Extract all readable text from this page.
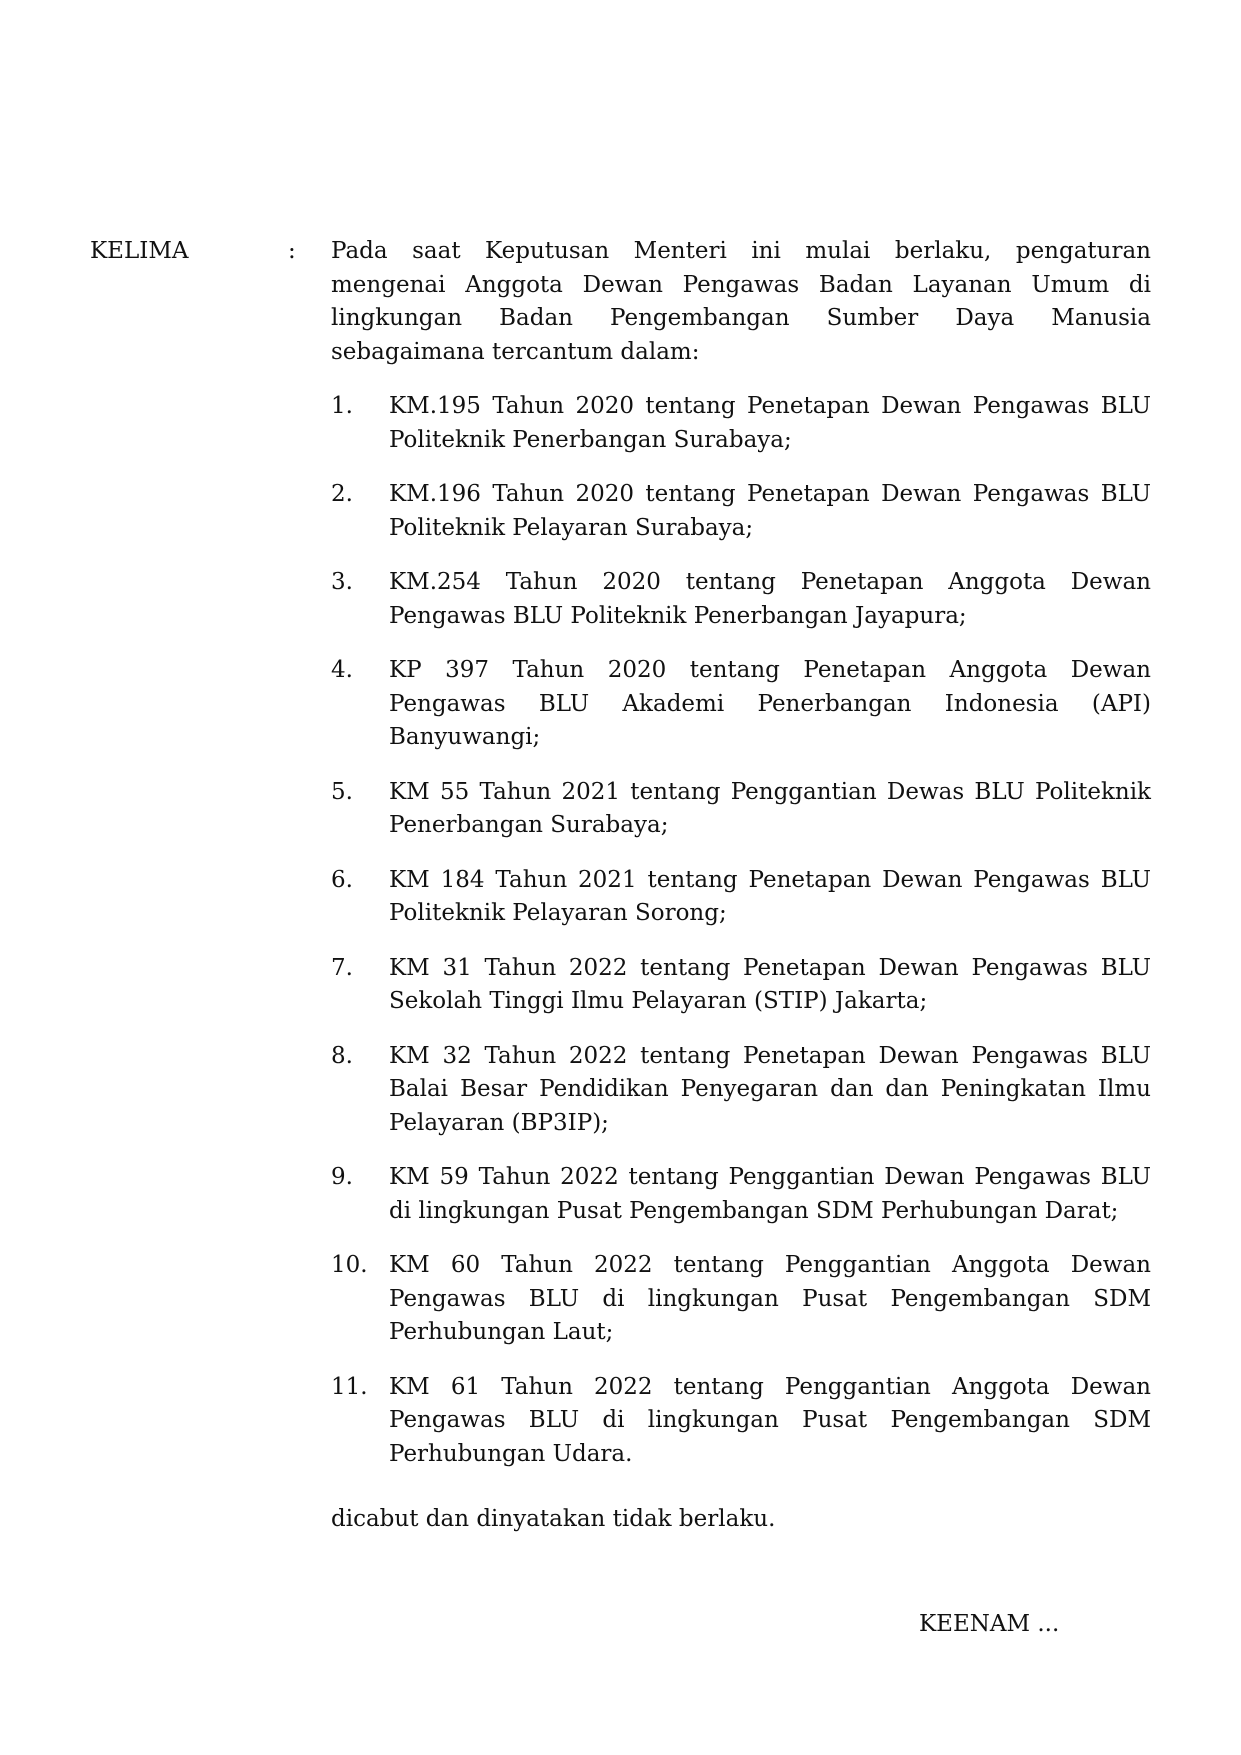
KELIMA	: Pada saat Keputusan Menteri ini mulai berlaku, pengaturan mengenai Anggota Dewan Pengawas Badan Layanan Umum di lingkungan Badan Pengembangan Sumber Daya Manusia sebagaimana tercantum dalam:

1. KM.195 Tahun 2020 tentang Penetapan Dewan Pengawas BLU Politeknik Penerbangan Surabaya;
2. KM.196 Tahun 2020 tentang Penetapan Dewan Pengawas BLU Politeknik Pelayaran Surabaya;
3. KM.254 Tahun 2020 tentang Penetapan Anggota Dewan Pengawas BLU Politeknik Penerbangan Jayapura;
4. KP 397 Tahun 2020 tentang Penetapan Anggota Dewan Pengawas BLU Akademi Penerbangan Indonesia (API) Banyuwangi;
5. KM 55 Tahun 2021 tentang Penggantian Dewas BLU Politeknik Penerbangan Surabaya;
6. KM 184 Tahun 2021 tentang Penetapan Dewan Pengawas BLU Politeknik Pelayaran Sorong;
7. KM 31 Tahun 2022 tentang Penetapan Dewan Pengawas BLU Sekolah Tinggi Ilmu Pelayaran (STIP) Jakarta;
8. KM 32 Tahun 2022 tentang Penetapan Dewan Pengawas BLU Balai Besar Pendidikan Penyegaran dan dan Peningkatan Ilmu Pelayaran (BP3IP);
9. KM 59 Tahun 2022 tentang Penggantian Dewan Pengawas BLU di lingkungan Pusat Pengembangan SDM Perhubungan Darat;
10. KM 60 Tahun 2022 tentang Penggantian Anggota Dewan Pengawas BLU di lingkungan Pusat Pengembangan SDM Perhubungan Laut;
11. KM 61 Tahun 2022 tentang Penggantian Anggota Dewan Pengawas BLU di lingkungan Pusat Pengembangan SDM Perhubungan Udara.

dicabut dan dinyatakan tidak berlaku.

KEENAM ...
